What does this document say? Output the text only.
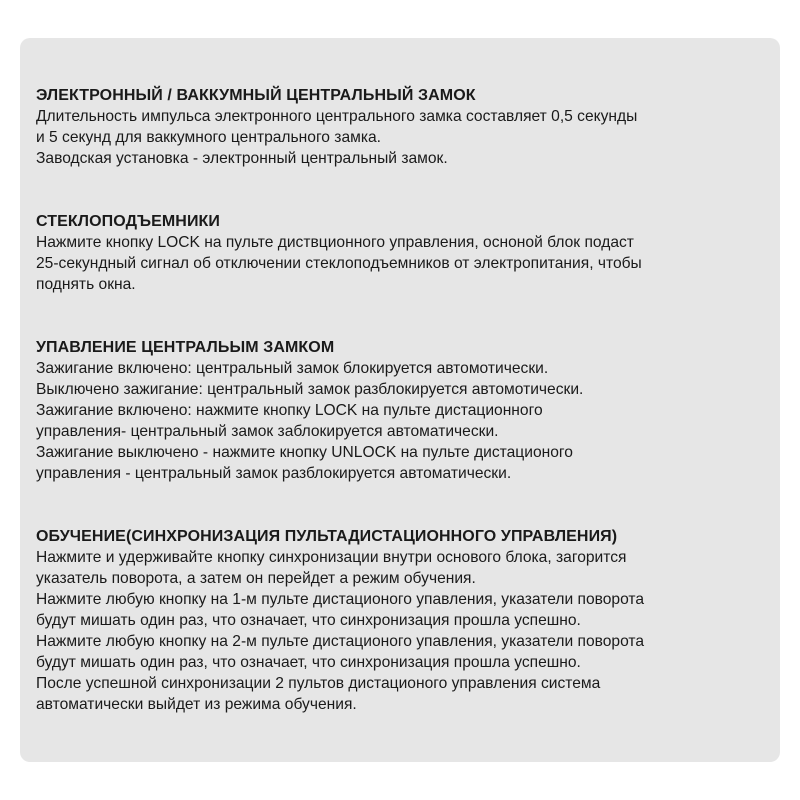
ЭЛЕКТРОННЫЙ / ВАККУМНЫЙ ЦЕНТРАЛЬНЫЙ ЗАМОК

Длительность импульса электронного центрального замка составляет 0,5 секунды

и 5 секунд для ваккумного центрального замка.

Заводская установка - электронный центральный замок.

СТЕКЛОПОДЪЕМНИКИ

Нажмите кнопку LOCK на пульте диствционного управления, осноной блок подаст

25-секундный сигнал об отключении стеклоподъемников от электропитания, чтобы

поднять окна.

УПАВЛЕНИЕ ЦЕНТРАЛЬЫМ ЗАМКОМ

Зажигание включено: центральный замок блокируется автомотически.

Выключено зажигание: центральный замок разблокируется автомотически.

Зажигание включено: нажмите кнопку LOCK на пульте дистационного

управления- центральный замок заблокируется автоматически.

Зажигание выключено - нажмите кнопку UNLOCK на пульте дистационого

управления - центральный замок разблокируется автоматически.

ОБУЧЕНИЕ(СИНХРОНИЗАЦИЯ ПУЛЬТАДИСТАЦИОННОГО УПРАВЛЕНИЯ)

Нажмите и удерживайте кнопку синхронизации внутри основого блока, загорится

указатель поворота, а затем он перейдет а режим обучения.

Нажмите любую кнопку на 1-м пульте дистационого упавления, указатели поворота

будут мишать один раз, что означает, что синхронизация прошла успешно.

Нажмите любую кнопку на 2-м пульте дистационого упавления, указатели поворота

будут мишать один раз, что означает, что синхронизация прошла успешно.

После успешной синхронизации 2 пультов дистационого управления система

автоматически выйдет из режима обучения.
